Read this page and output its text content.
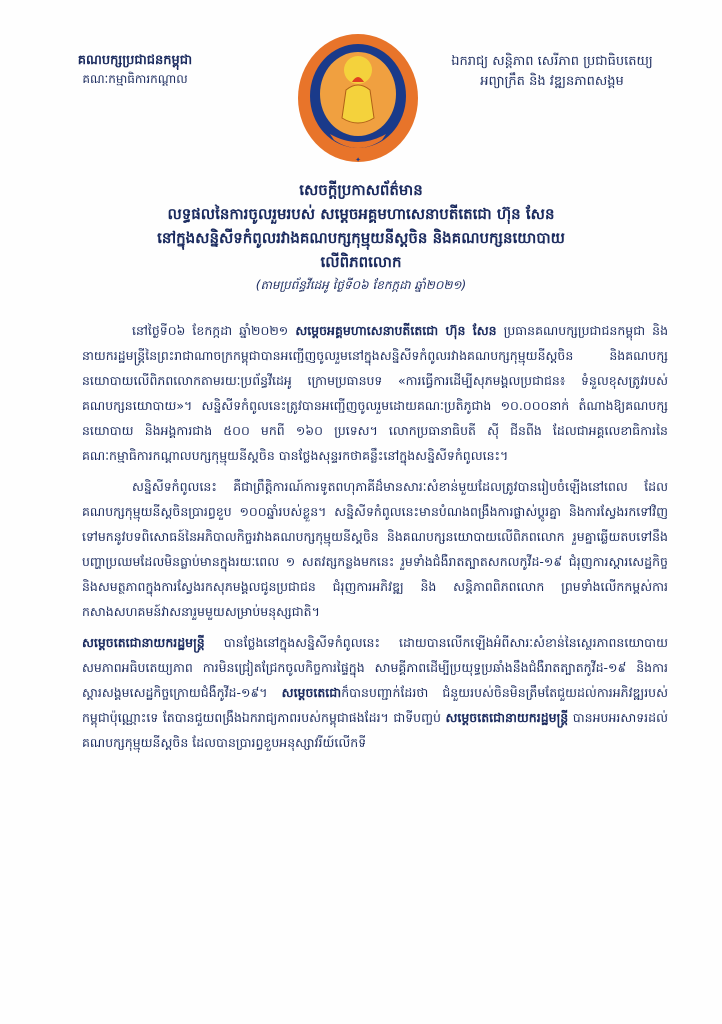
គណបក្សប្រជាជនកម្ពុជា
គណៈកម្មាធិការកណ្តាល
✦
ឯករាជ្យ សន្តិភាព សេរីភាព ប្រជាធិបតេយ្យ
អព្យាក្រឹត និង វឌ្ឍនភាពសង្គម
សេចក្តីប្រកាសព័ត៌មាន
លទ្ធផលនៃការចូលរួមរបស់ សម្តេចអគ្គមហាសេនាបតីតេជោ ហ៊ុន សែន
នៅក្នុងសន្និសីទកំពូលរវាងគណបក្សកុម្មុយនីស្តចិន និងគណបក្សនយោបាយ
លើពិភពលោក
(តាមប្រព័ន្ធវីដេអូ ថ្ងៃទី០៦ ខែកក្កដា ឆ្នាំ២០២១)

នៅថ្ងៃទី០៦ ខែកក្កដា ឆ្នាំ២០២១ សម្តេចអគ្គមហាសេនាបតីតេជោ ហ៊ុន សែន ប្រធានគណបក្សប្រជាជនកម្ពុជា និងនាយករដ្ឋមន្ត្រីនៃព្រះរាជាណាចក្រកម្ពុជាបានអញ្ជើញចូលរួមនៅក្នុងសន្និសីទកំពូលរវាងគណបក្សកុម្មុយនីស្តចិន និងគណបក្សនយោបាយលើពិភពលោកតាមរយៈប្រព័ន្ធវីដេអូ ក្រោមប្រធានបទ «ការធ្វើការដើម្បីសុភមង្គលប្រជាជន៖ ទំនួលខុសត្រូវរបស់គណបក្សនយោបាយ»។ សន្និសីទកំពូលនេះត្រូវបានអញ្ជើញចូលរួមដោយគណៈប្រតិភូជាង ១០.០០០នាក់ តំណាងឱ្យគណបក្សនយោបាយ និងអង្គការជាង ៥០០ មកពី ១៦០ ប្រទេស។ លោកប្រធានាធិបតី ស៊ី ជីនពីង ដែលជាអគ្គលេខាធិការនៃគណៈកម្មាធិការកណ្តាលបក្សកុម្មុយនីស្តចិន បានថ្លែងសុន្ទរកថាគន្លឹះនៅក្នុងសន្និសីទកំពូលនេះ។

សន្និសីទកំពូលនេះ គឺជាព្រឹត្តិការណ៍ការទូតពហុភាគីដ៏មានសារៈសំខាន់មួយដែលត្រូវបានរៀបចំឡើងនៅពេល ដែលគណបក្សកុម្មុយនីស្តចិនប្រារព្ធខួប ១០០ឆ្នាំរបស់ខ្លួន។ សន្និសីទកំពូលនេះមានបំណងពង្រឹងការផ្លាស់ប្តូរគ្នា និងការស្វែងរកទៅវិញទៅមកនូវបទពិសោធន៍នៃអភិបាលកិច្ចរវាងគណបក្សកុម្មុយនីស្តចិន និងគណបក្សនយោបាយលើពិភពលោក រួមគ្នាឆ្លើយតបទៅនឹងបញ្ហាប្រឈមដែលមិនធ្លាប់មានក្នុងរយៈពេល ១ សតវត្សកន្លងមកនេះ រួមទាំងជំងឺរាតត្បាតសកលកូវីដ-១៩ ជំរុញការស្តារសេដ្ឋកិច្ច និងសមត្ថភាពក្នុងការស្វែងរកសុភមង្គលជូនប្រជាជន ជំរុញការអភិវឌ្ឍ និង សន្តិភាពពិភពលោក ព្រមទាំងលើកកម្ពស់ការកសាងសហគមន៍វាសនារួមមួយសម្រាប់មនុស្សជាតិ។

សម្តេចតេជោនាយករដ្ឋមន្ត្រី បានថ្លែងនៅក្នុងសន្និសីទកំពូលនេះ ដោយបានលើកឡើងអំពីសារៈសំខាន់នៃស្ថេរភាពនយោបាយ សមភាពអធិបតេយ្យភាព ការមិនជ្រៀតជ្រែកចូលកិច្ចការផ្ទៃក្នុង សាមគ្គីភាពដើម្បីប្រយុទ្ធប្រឆាំងនឹងជំងឺរាតត្បាតកូវីដ-១៩ និងការស្តារសង្គមសេដ្ឋកិច្ចក្រោយជំងឺកូវីដ-១៩។ សម្តេចតេជោក៏បានបញ្ជាក់ដែរថា ជំនួយរបស់ចិនមិនត្រឹមតែជួយដល់ការអភិវឌ្ឍរបស់កម្ពុជាប៉ុណ្ណោះទេ តែបានជួយពង្រឹងឯករាជ្យភាពរបស់កម្ពុជាផងដែរ។ ជាទីបញ្ចប់ សម្តេចតេជោនាយករដ្ឋមន្ត្រី បានអបអរសាទរដល់គណបក្សកុម្មុយនីស្តចិន ដែលបានប្រារព្ធខួបអនុស្សាវរីយ៍លើកទី
